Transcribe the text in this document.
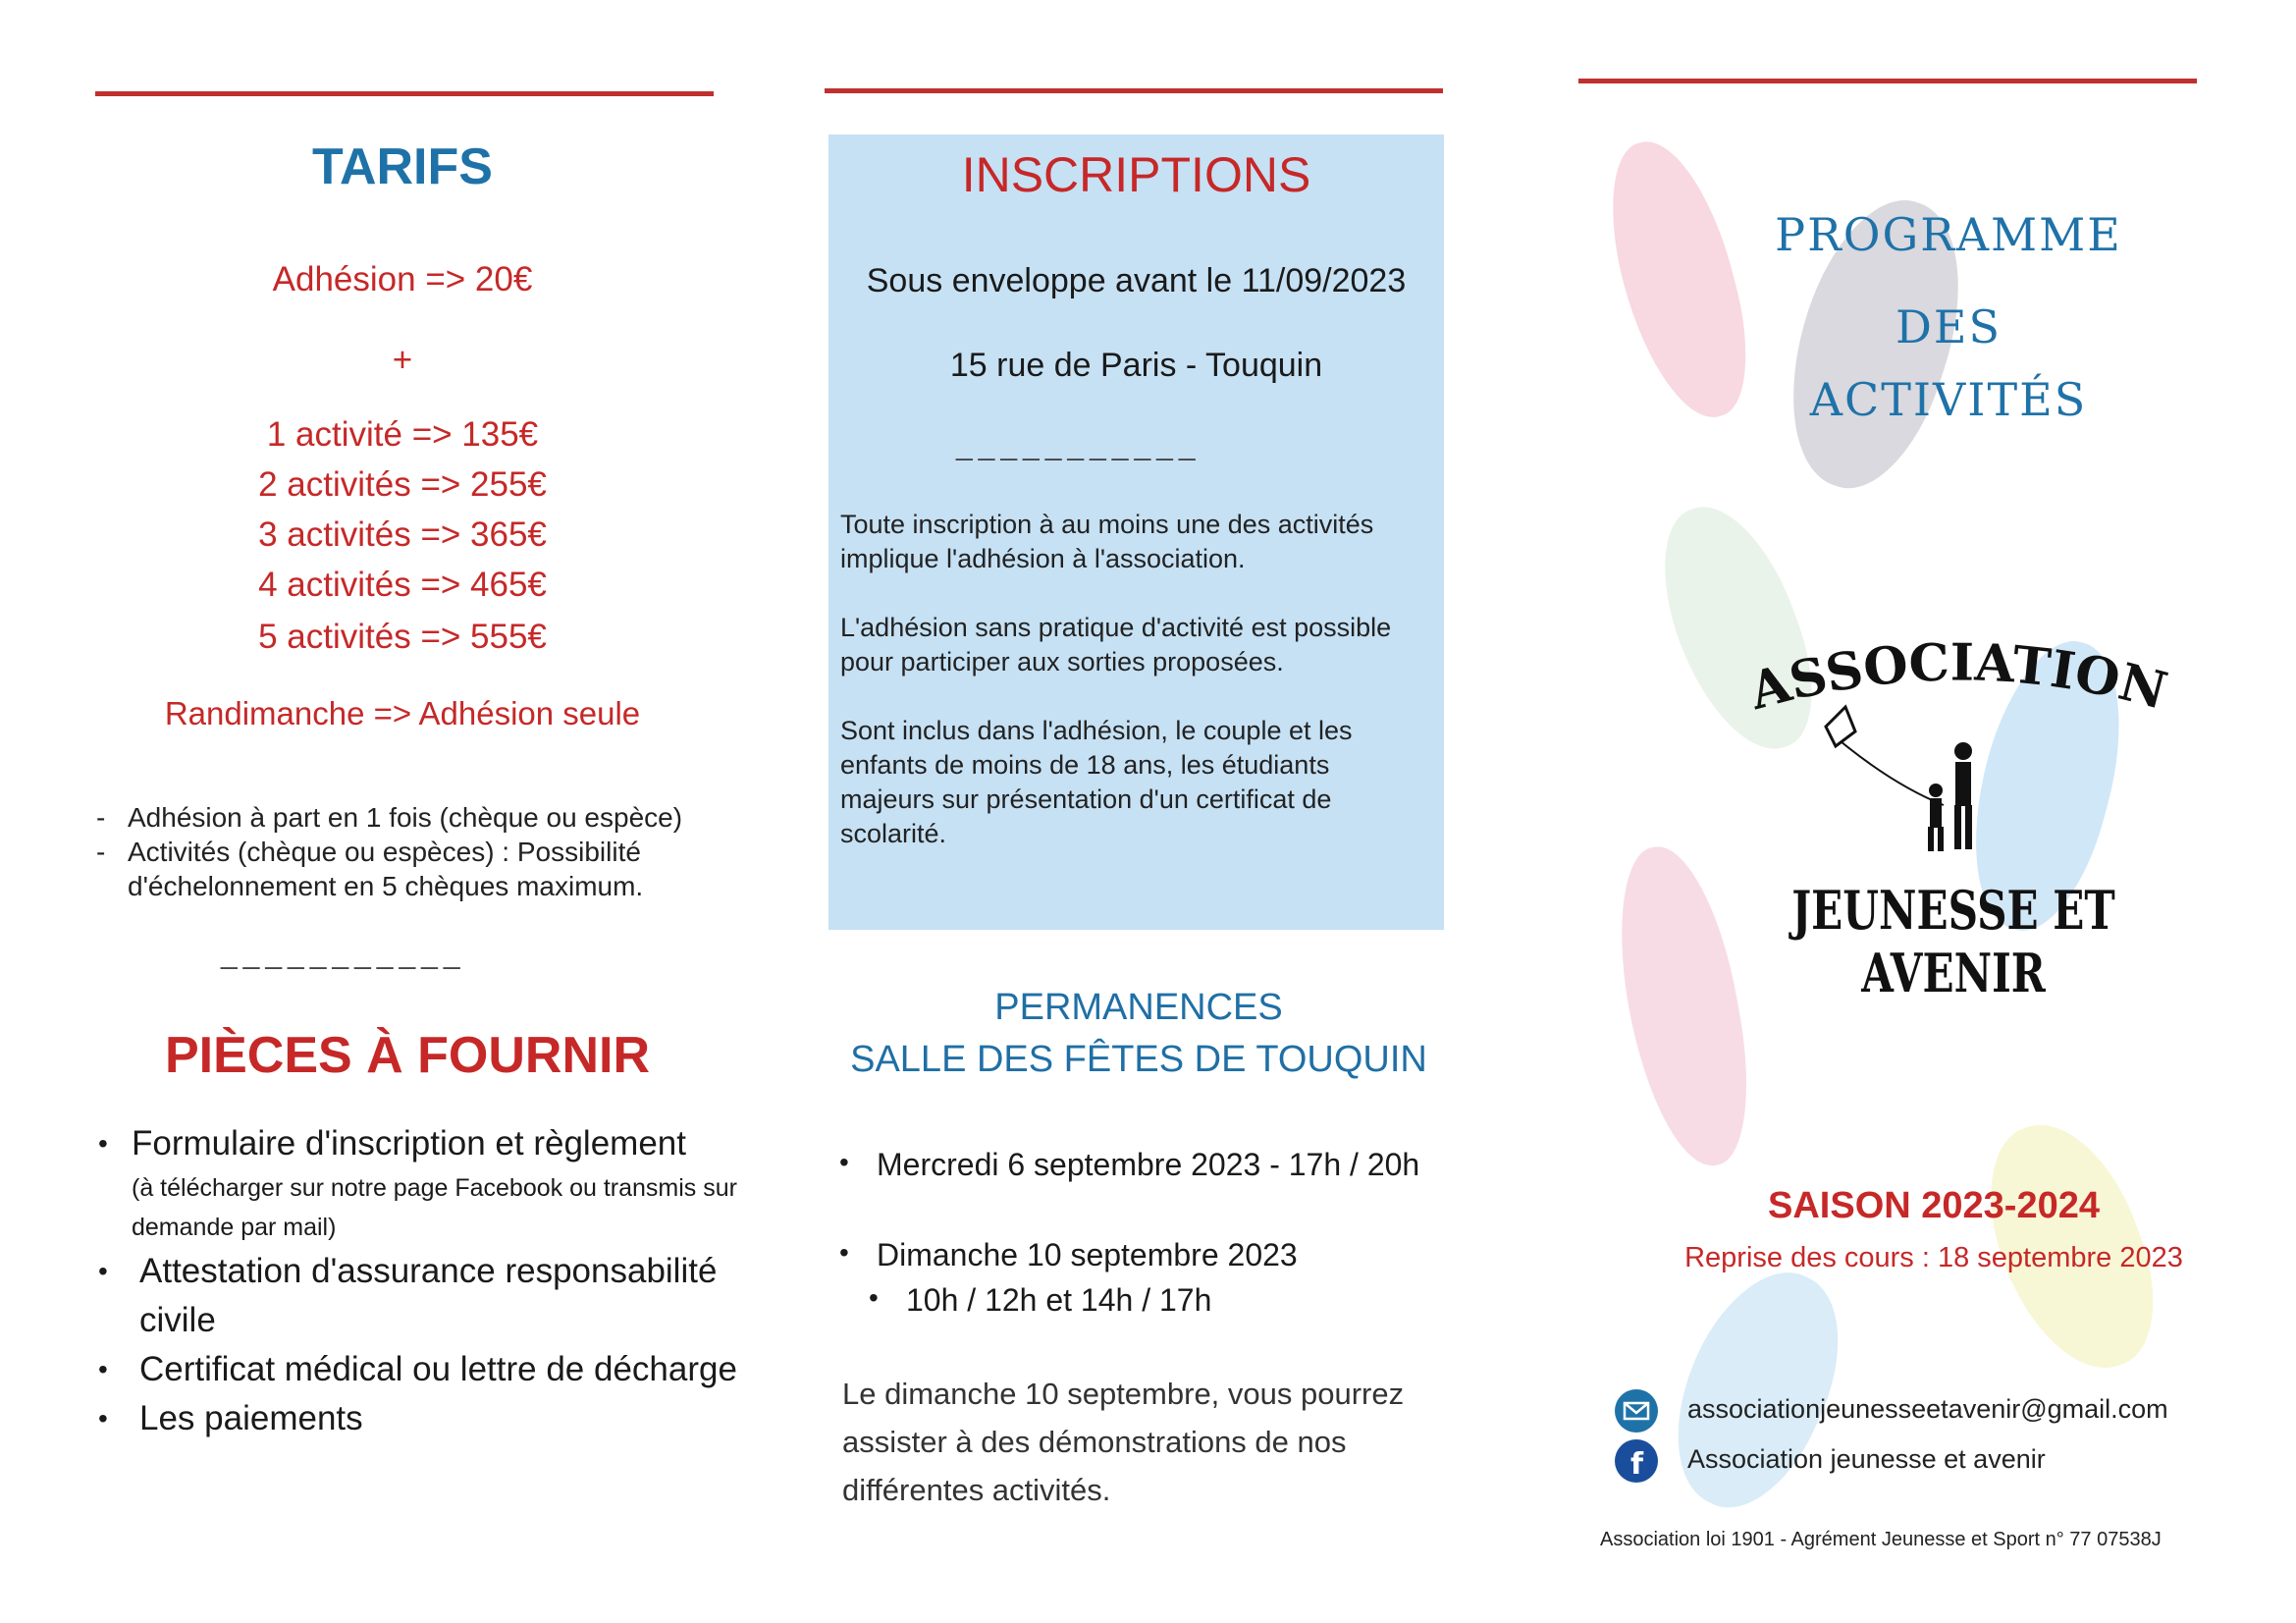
TARIFS
Adhésion => 20€
+
1 activité => 135€
2 activités => 255€
3 activités => 365€
4 activités => 465€
5 activités => 555€
Randimanche => Adhésion seule
- Adhésion à part en 1 fois (chèque ou espèce)
- Activités (chèque ou espèces) : Possibilité d'échelonnement en 5 chèques maximum.
___________
PIÈCES À FOURNIR
• Formulaire d'inscription et règlement
(à télécharger sur notre page Facebook ou transmis sur demande par mail)
• Attestation d'assurance responsabilité civile
• Certificat médical ou lettre de décharge
• Les paiements
INSCRIPTIONS
Sous enveloppe avant le 11/09/2023
15 rue de Paris - Touquin
___________
Toute inscription à au moins une des activités implique l'adhésion à l'association.
L'adhésion sans pratique d'activité est possible pour participer aux sorties proposées.
Sont inclus dans l'adhésion, le couple et les enfants de moins de 18 ans, les étudiants majeurs sur présentation d'un certificat de scolarité.
PERMANENCES
SALLE DES FÊTES DE TOUQUIN
• Mercredi 6 septembre 2023 - 17h / 20h
• Dimanche 10 septembre 2023
• 10h / 12h et 14h / 17h
Le dimanche 10 septembre, vous pourrez assister à des démonstrations de nos différentes activités.
PROGRAMME
DES
ACTIVITÉS
ASSOCIATION
JEUNESSE ET AVENIR
SAISON 2023-2024
Reprise des cours : 18 septembre 2023
associationjeunesseetavenir@gmail.com
f Association jeunesse et avenir
Association loi 1901 - Agrément Jeunesse et Sport n° 77 07538J
